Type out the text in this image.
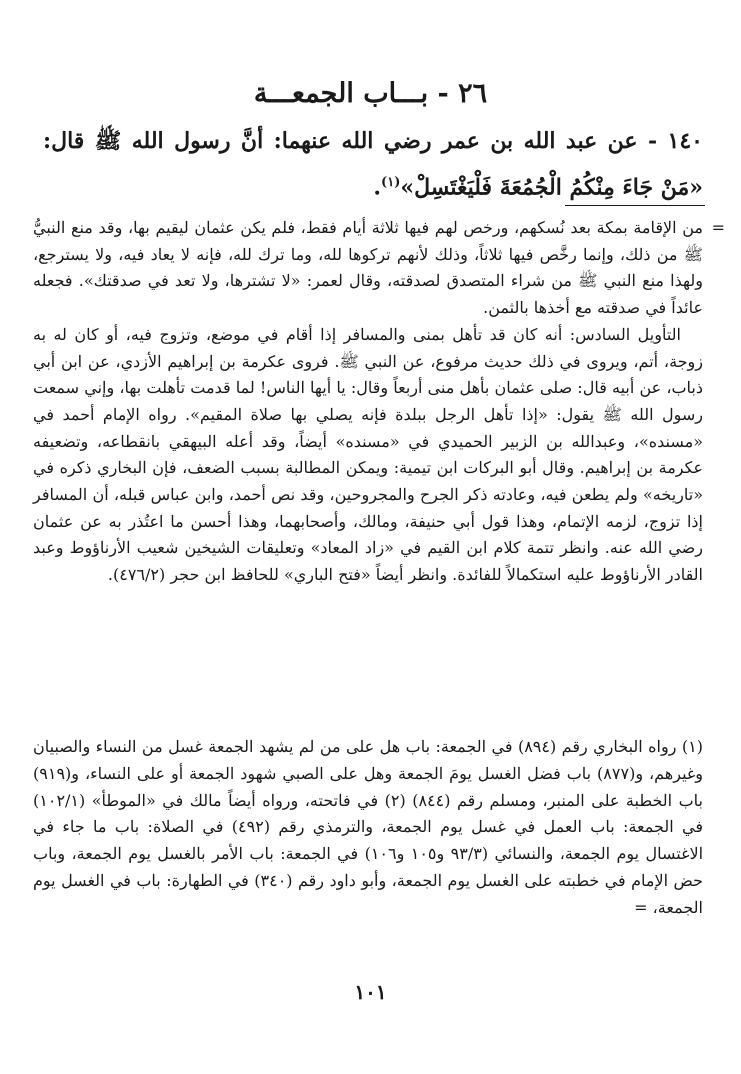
٢٦ - بـــاب الجمعـــة

١٤٠ - عن عبد الله بن عمر رضي الله عنهما: أنَّ رسول الله ﷺ قال: «مَنْ جَاءَ مِنْكُمُ الْجُمُعَةَ فَلْيَغْتَسِلْ»$^{(١)}$.

=

من الإقامة بمكة بعد نُسكهم، ورخص لهم فيها ثلاثة أيام فقط، فلم يكن عثمان ليقيم بها، وقد منع النبيُّ ﷺ من ذلك، وإنما رخَّص فيها ثلاثاً، وذلك لأنهم تركوها لله، وما ترك لله، فإنه لا يعاد فيه، ولا يسترجع، ولهذا منع النبي ﷺ من شراء المتصدق لصدقته، وقال لعمر: «لا تشترها، ولا تعد في صدقتك». فجعله عائداً في صدقته مع أخذها بالثمن.

التأويل السادس: أنه كان قد تأهل بمنى والمسافر إذا أقام في موضع، وتزوج فيه، أو كان له به زوجة، أتم، ويروى في ذلك حديث مرفوع، عن النبي ﷺ. فروى عكرمة بن إبراهيم الأزدي، عن ابن أبي ذباب، عن أبيه قال: صلى عثمان بأهل منى أربعاً وقال: يا أيها الناس! لما قدمت تأهلت بها، وإني سمعت رسول الله ﷺ يقول: «إذا تأهل الرجل ببلدة فإنه يصلي بها صلاة المقيم». رواه الإمام أحمد في «مسنده»، وعبدالله بن الزبير الحميدي في «مسنده» أيضاً، وقد أعله البيهقي بانقطاعه، وتضعيفه عكرمة بن إبراهيم. وقال أبو البركات ابن تيمية: ويمكن المطالبة بسبب الضعف، فإن البخاري ذكره في «تاريخه» ولم يطعن فيه، وعادته ذكر الجرح والمجروحين، وقد نص أحمد، وابن عباس قبله، أن المسافر إذا تزوج، لزمه الإتمام، وهذا قول أبي حنيفة، ومالك، وأصحابهما، وهذا أحسن ما اعتُذر به عن عثمان رضي الله عنه. وانظر تتمة كلام ابن القيم في «زاد المعاد» وتعليقات الشيخين شعيب الأرناؤوط وعبد القادر الأرناؤوط عليه استكمالاً للفائدة. وانظر أيضاً «فتح الباري» للحافظ ابن حجر (٤٧٦/٢).

(١) رواه البخاري رقم (٨٩٤) في الجمعة: باب هل على من لم يشهد الجمعة غسل من النساء والصبيان وغيرهم، و(٨٧٧) باب فضل الغسل يومَ الجمعة وهل على الصبي شهود الجمعة أو على النساء، و(٩١٩) باب الخطبة على المنبر، ومسلم رقم (٨٤٤) (٢) في فاتحته، ورواه أيضاً مالك في «الموطأ» (١٠٢/١) في الجمعة: باب العمل في غسل يوم الجمعة، والترمذي رقم (٤٩٢) في الصلاة: باب ما جاء في الاغتسال يوم الجمعة، والنسائي (٩٣/٣ و١٠٥ و١٠٦) في الجمعة: باب الأمر بالغسل يوم الجمعة، وباب حض الإمام في خطبته على الغسل يوم الجمعة، وأبو داود رقم (٣٤٠) في الطهارة: باب في الغسل يوم الجمعة، =

١٠١
